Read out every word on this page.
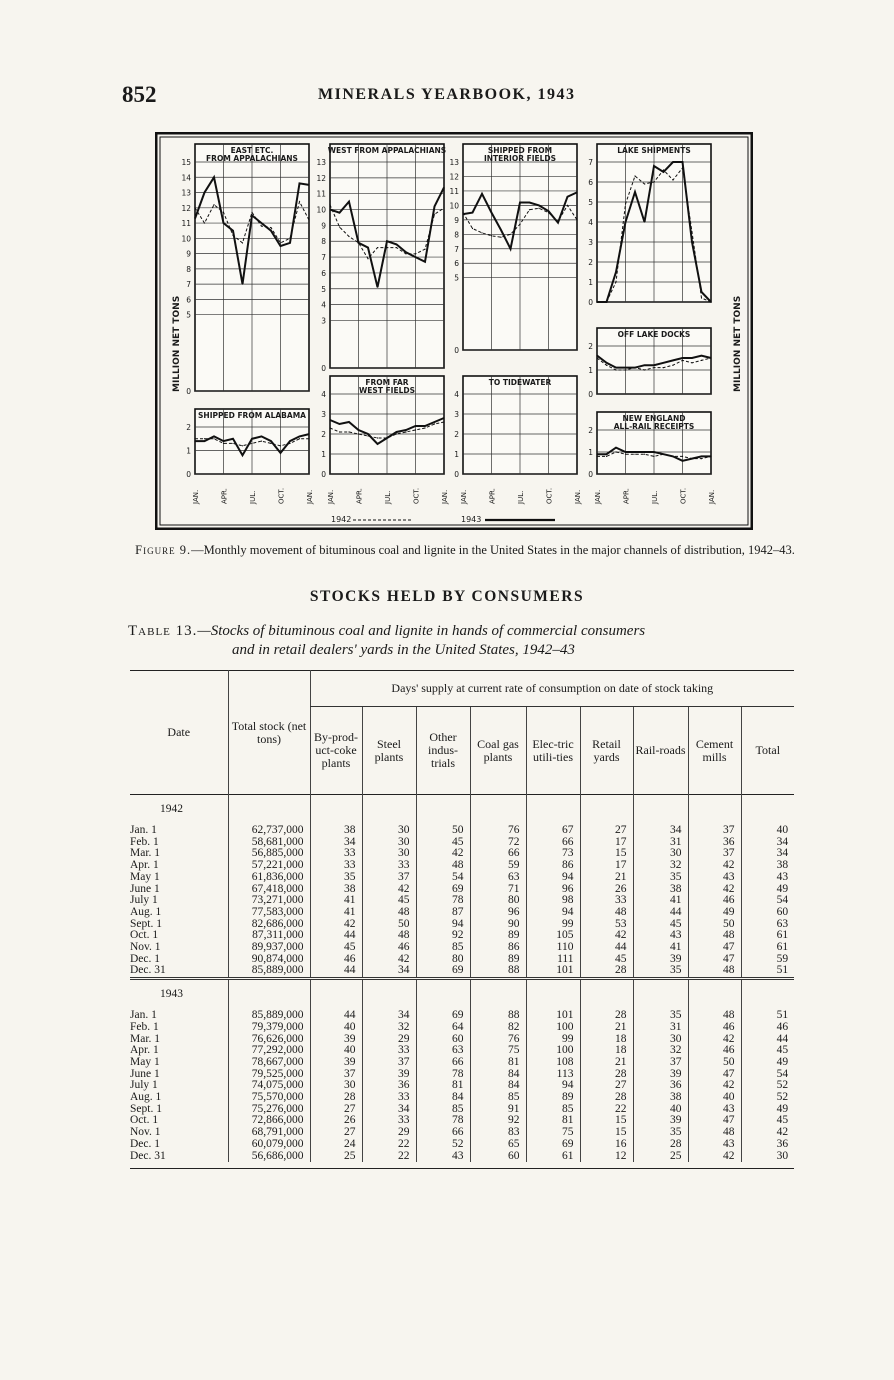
852	MINERALS YEARBOOK, 1943
0
5
6
7
8
9
10
11
12
13
14
15
EAST ETC.
FROM APPALACHIANS
0
3
4
5
6
7
8
9
10
11
12
13
WEST FROM APPALACHIANS
0
5
6
7
8
9
10
11
12
13
SHIPPED FROM
INTERIOR FIELDS
0
1
2
3
4
5
6
7
LAKE SHIPMENTS
0
1
2
OFF LAKE DOCKS
0
1
2
SHIPPED FROM ALABAMA
0
1
2
3
4
FROM FAR
WEST FIELDS
0
1
2
3
4
TO TIDEWATER
0
1
2
NEW ENGLAND
ALL-RAIL RECEIPTS
JAN.	APR.	JUL.	OCT.	JAN. JAN.	APR.	JUL.	OCT.	JAN. JAN.	APR.	JUL.	OCT.	JAN. JAN.	APR.	JUL.	OCT.	JAN.
MILLION NET TONS	MILLION NET TONS
1942	1943
Figure 9.—Monthly movement of bituminous coal and lignite in the United States in the major channels of distribution, 1942–43.
STOCKS HELD BY CONSUMERS
Table 13.—Stocks of bituminous coal and lignite in hands of commercial consumers
and in retail dealers' yards in the United States, 1942–43
Date	Total stock (net tons)	Days' supply at current rate of consumption on date of stock taking								
		By-prod-uct-coke plants	Steel plants	Other indus-trials	Coal gas plants	Elec-tric utili-ties	Retail yards	Rail-roads	Cement mills	Total

1942										
Jan. 1	62,737,000	38	30	50	76	67	27	34	37	40
Feb. 1	58,681,000	34	30	45	72	66	17	31	36	34
Mar. 1	56,885,000	33	30	42	66	73	15	30	37	34
Apr. 1	57,221,000	33	33	48	59	86	17	32	42	38
May 1	61,836,000	35	37	54	63	94	21	35	43	43
June 1	67,418,000	38	42	69	71	96	26	38	42	49
July 1	73,271,000	41	45	78	80	98	33	41	46	54
Aug. 1	77,583,000	41	48	87	96	94	48	44	49	60
Sept. 1	82,686,000	42	50	94	90	99	53	45	50	63
Oct. 1	87,311,000	44	48	92	89	105	42	43	48	61
Nov. 1	89,937,000	45	46	85	86	110	44	41	47	61
Dec. 1	90,874,000	46	42	80	89	111	45	39	47	59
Dec. 31	85,889,000	44	34	69	88	101	28	35	48	51

1943										
Jan. 1	85,889,000	44	34	69	88	101	28	35	48	51
Feb. 1	79,379,000	40	32	64	82	100	21	31	46	46
Mar. 1	76,626,000	39	29	60	76	99	18	30	42	44
Apr. 1	77,292,000	40	33	63	75	100	18	32	46	45
May 1	78,667,000	39	37	66	81	108	21	37	50	49
June 1	79,525,000	37	39	78	84	113	28	39	47	54
July 1	74,075,000	30	36	81	84	94	27	36	42	52
Aug. 1	75,570,000	28	33	84	85	89	28	38	40	52
Sept. 1	75,276,000	27	34	85	91	85	22	40	43	49
Oct. 1	72,866,000	26	33	78	92	81	15	39	47	45
Nov. 1	68,791,000	27	29	66	83	75	15	35	48	42
Dec. 1	60,079,000	24	22	52	65	69	16	28	43	36
Dec. 31	56,686,000	25	22	43	60	61	12	25	42	30
